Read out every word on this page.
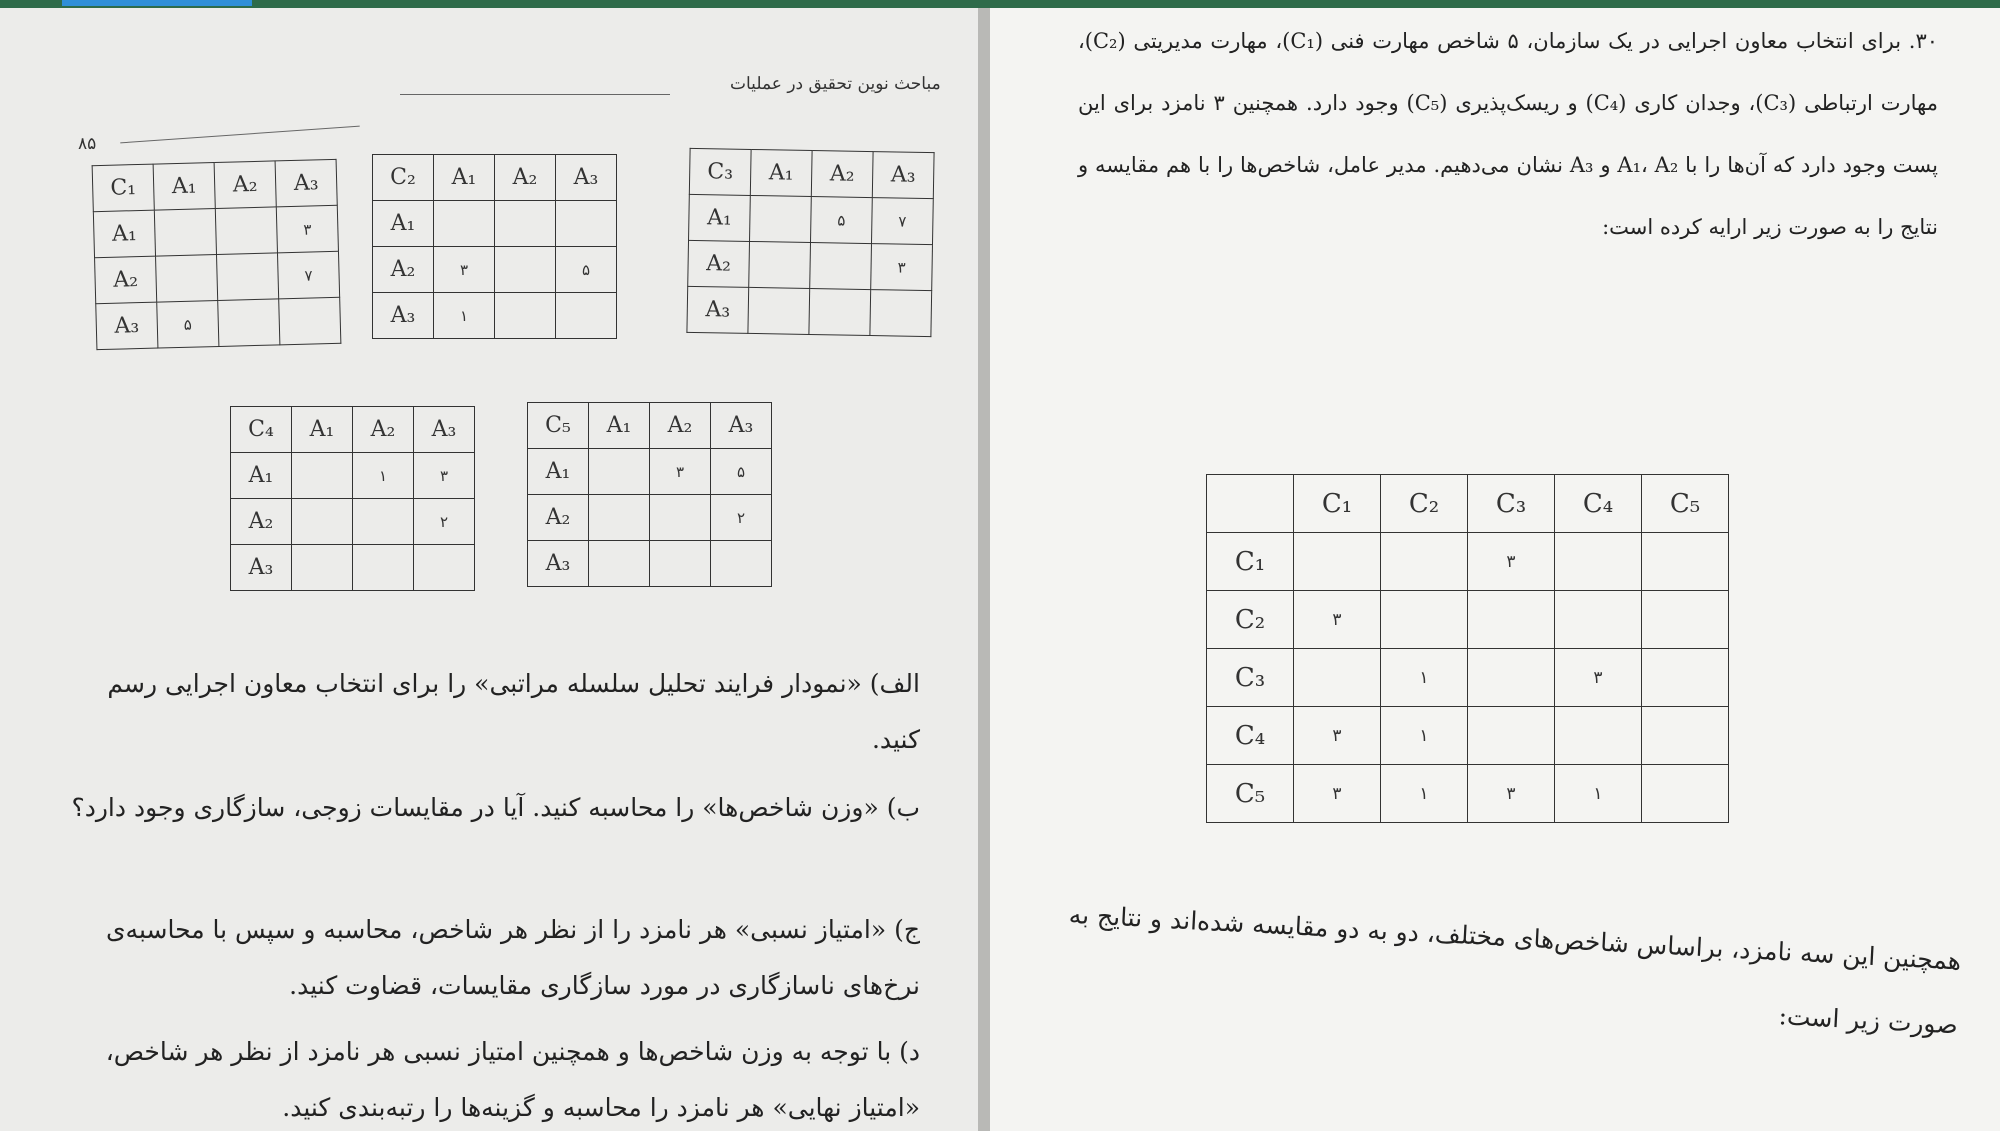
مباحث نوین تحقیق در عملیات
۸۵
C₁	A₁	A₂	A₃
A₁			۳
A₂			۷
A₃	۵		
C₂	A₁	A₂	A₃
A₁			
A₂	۳		۵
A₃	۱		
C₃	A₁	A₂	A₃
A₁		۵	۷
A₂			۳
A₃			
C₄	A₁	A₂	A₃
A₁		۱	۳
A₂			۲
A₃			
C₅	A₁	A₂	A₃
A₁		۳	۵
A₂			۲
A₃			
الف) «نمودار فرایند تحلیل سلسله مراتبی» را برای انتخاب معاون اجرایی رسم کنید.
ب) «وزن شاخص‌ها» را محاسبه کنید. آیا در مقایسات زوجی، سازگاری وجود دارد؟
ج) «امتیاز نسبی» هر نامزد را از نظر هر شاخص، محاسبه و سپس با محاسبه‌ی نرخ‌های ناسازگاری در مورد سازگاری مقایسات، قضاوت کنید.
د) با توجه به وزن شاخص‌ها و همچنین امتیاز نسبی هر نامزد از نظر هر شاخص، «امتیاز نهایی» هر نامزد را محاسبه و گزینه‌ها را رتبه‌بندی کنید.
۳۰. برای انتخاب معاون اجرایی در یک سازمان، ۵ شاخص مهارت فنی (C₁)، مهارت مدیریتی (C₂)، مهارت ارتباطی (C₃)، وجدان کاری (C₄) و ریسک‌پذیری (C₅) وجود دارد. همچنین ۳ نامزد برای این پست وجود دارد که آن‌ها را با A₁، A₂ و A₃ نشان می‌دهیم. مدیر عامل، شاخص‌ها را با هم مقایسه و نتایج را به صورت زیر ارایه کرده است:
	C₁	C₂	C₃	C₄	C₅
C₁			۳		
C₂	۳				
C₃		۱		۳	
C₄	۳	۱			
C₅	۳	۱	۳	۱	
همچنین این سه نامزد، براساس شاخص‌های مختلف، دو به دو مقایسه شده‌اند و نتایج به صورت زیر است:
